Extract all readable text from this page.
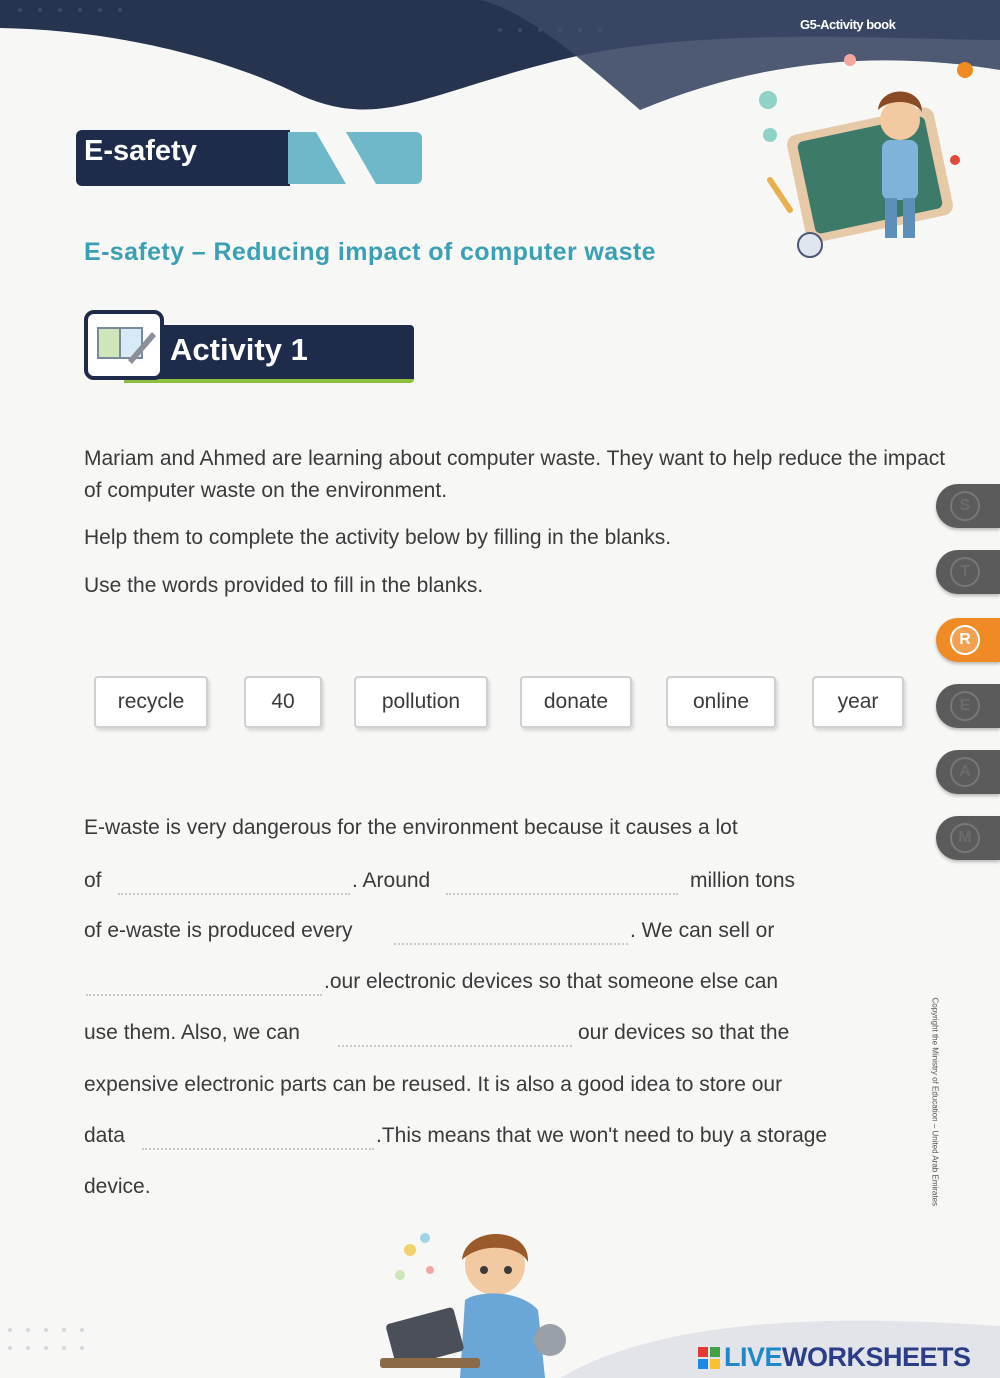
G5-Activity book
E-safety
E-safety – Reducing impact of computer waste
Activity 1

Mariam and Ahmed are learning about computer waste. They want to help reduce the impact of computer waste on the environment.

Help them to complete the activity below by filling in the blanks.

Use the words provided to fill in the blanks.

recycle	40	pollution	donate	online	year
E-waste is very dangerous for the environment because it causes a lot
of	. Around	million tons
of e-waste is produced every	. We can sell or
.our electronic devices so that someone else can
use them. Also, we can	our devices so that the
expensive electronic parts can be reused. It is also a good idea to store our
data	.This means that we won't need to buy a storage
device.
S
T
R
E
A
M
Copyright the Ministry of Education – United Arab Emirates
LIVEWORKSHEETS
